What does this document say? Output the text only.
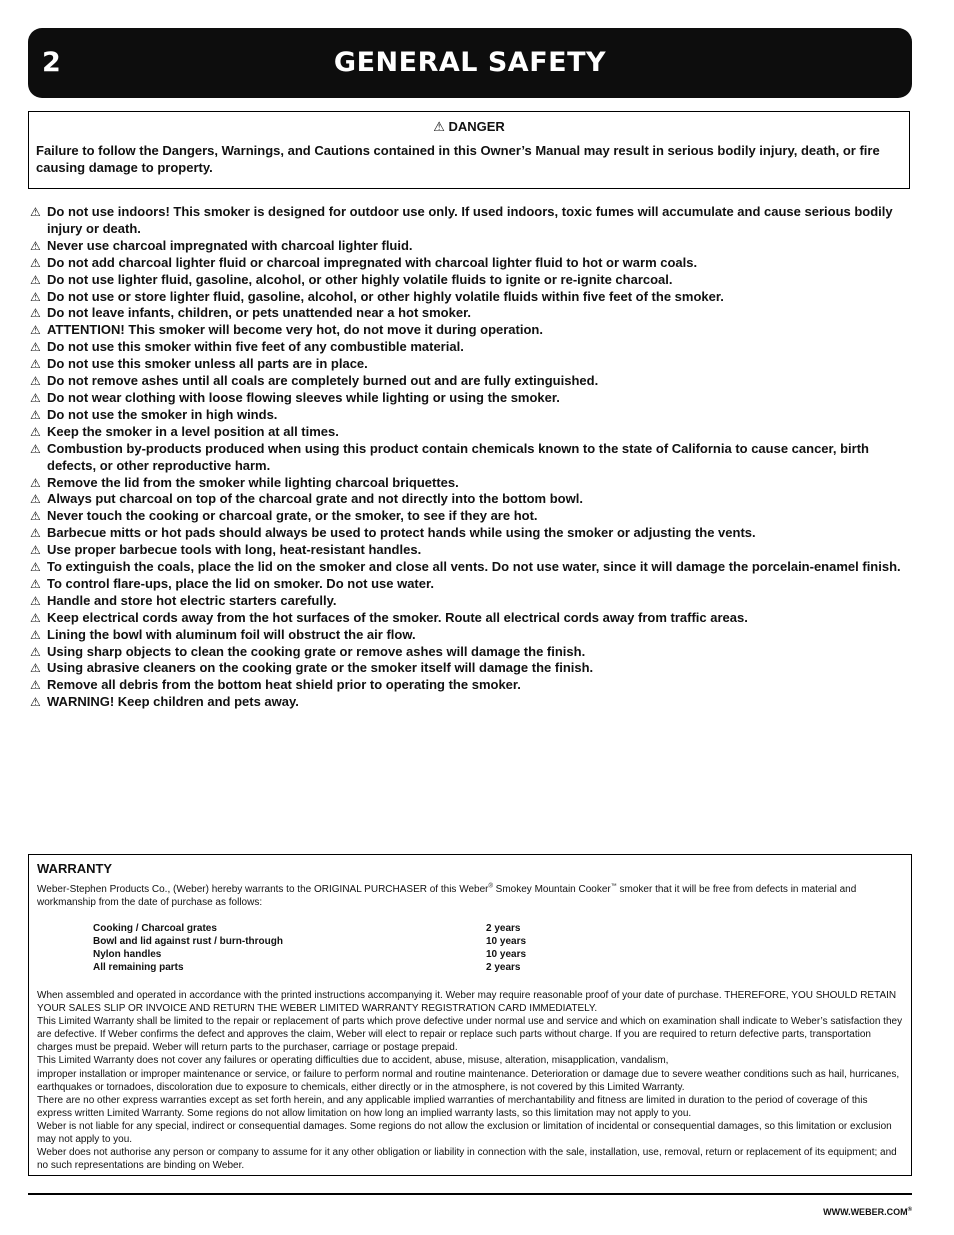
2	GENERAL SAFETY
⚠ DANGER
Failure to follow the Dangers, Warnings, and Cautions contained in this Owner’s Manual may result in serious bodily injury, death, or fire causing damage to property.
⚠ Do not use indoors! This smoker is designed for outdoor use only. If used indoors, toxic fumes will accumulate and cause serious bodily injury or death.
⚠ Never use charcoal impregnated with charcoal lighter fluid.
⚠ Do not add charcoal lighter fluid or charcoal impregnated with charcoal lighter fluid to hot or warm coals.
⚠ Do not use lighter fluid, gasoline, alcohol, or other highly volatile fluids to ignite or re-ignite charcoal.
⚠ Do not use or store lighter fluid, gasoline, alcohol, or other highly volatile fluids within five feet of the smoker.
⚠ Do not leave infants, children, or pets unattended near a hot smoker.
⚠ ATTENTION! This smoker will become very hot, do not move it during operation.
⚠ Do not use this smoker within five feet of any combustible material.
⚠ Do not use this smoker unless all parts are in place.
⚠ Do not remove ashes until all coals are completely burned out and are fully extinguished.
⚠ Do not wear clothing with loose flowing sleeves while lighting or using the smoker.
⚠ Do not use the smoker in high winds.
⚠ Keep the smoker in a level position at all times.
⚠ Combustion by-products produced when using this product contain chemicals known to the state of California to cause cancer, birth defects, or other reproductive harm.
⚠ Remove the lid from the smoker while lighting charcoal briquettes.
⚠ Always put charcoal on top of the charcoal grate and not directly into the bottom bowl.
⚠ Never touch the cooking or charcoal grate, or the smoker, to see if they are hot.
⚠ Barbecue mitts or hot pads should always be used to protect hands while using the smoker or adjusting the vents.
⚠ Use proper barbecue tools with long, heat-resistant handles.
⚠ To extinguish the coals, place the lid on the smoker and close all vents. Do not use water, since it will damage the porcelain-enamel finish.
⚠ To control flare-ups, place the lid on smoker. Do not use water.
⚠ Handle and store hot electric starters carefully.
⚠ Keep electrical cords away from the hot surfaces of the smoker. Route all electrical cords away from traffic areas.
⚠ Lining the bowl with aluminum foil will obstruct the air flow.
⚠ Using sharp objects to clean the cooking grate or remove ashes will damage the finish.
⚠ Using abrasive cleaners on the cooking grate or the smoker itself will damage the finish.
⚠ Remove all debris from the bottom heat shield prior to operating the smoker.
⚠ WARNING! Keep children and pets away.
WARRANTY
Weber-Stephen Products Co., (Weber) hereby warrants to the ORIGINAL PURCHASER of this Weber® Smokey Mountain Cooker™ smoker that it will be free from defects in material and workmanship from the date of purchase as follows:
Cooking / Charcoal grates	2 years
Bowl and lid against rust / burn-through	10 years
Nylon handles	10 years
All remaining parts	2 years

When assembled and operated in accordance with the printed instructions accompanying it. Weber may require reasonable proof of your date of purchase. THEREFORE, YOU SHOULD RETAIN YOUR SALES SLIP OR INVOICE AND RETURN THE WEBER LIMITED WARRANTY REGISTRATION CARD IMMEDIATELY.

This Limited Warranty shall be limited to the repair or replacement of parts which prove defective under normal use and service and which on examination shall indicate to Weber’s satisfaction they are defective. If Weber confirms the defect and approves the claim, Weber will elect to repair or replace such parts without charge. If you are required to return defective parts, transportation charges must be prepaid. Weber will return parts to the purchaser, carriage or postage prepaid.

This Limited Warranty does not cover any failures or operating difficulties due to accident, abuse, misuse, alteration, misapplication, vandalism,

improper installation or improper maintenance or service, or failure to perform normal and routine maintenance. Deterioration or damage due to severe weather conditions such as hail, hurricanes, earthquakes or tornadoes, discoloration due to exposure to chemicals, either directly or in the atmosphere, is not covered by this Limited Warranty.

There are no other express warranties except as set forth herein, and any applicable implied warranties of merchantability and fitness are limited in duration to the period of coverage of this express written Limited Warranty. Some regions do not allow limitation on how long an implied warranty lasts, so this limitation may not apply to you.

Weber is not liable for any special, indirect or consequential damages. Some regions do not allow the exclusion or limitation of incidental or consequential damages, so this limitation or exclusion may not apply to you.

Weber does not authorise any person or company to assume for it any other obligation or liability in connection with the sale, installation, use, removal, return or replacement of its equipment; and no such representations are binding on Weber.

WWW.WEBER.COM®
